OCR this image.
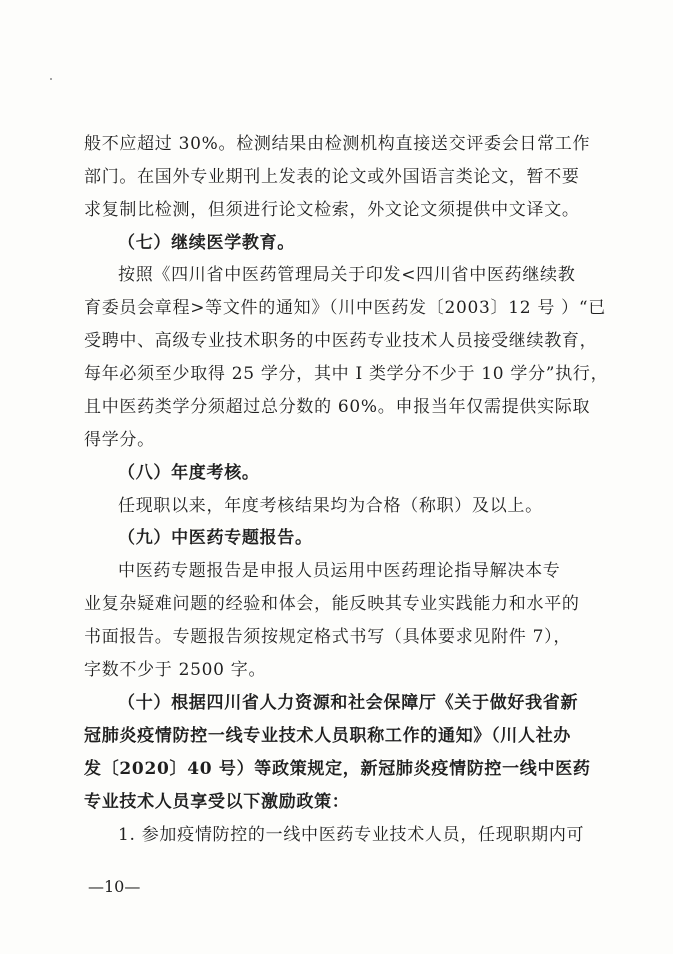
般不应超过 30%。检测结果由检测机构直接送交评委会日常工作
部门。在国外专业期刊上发表的论文或外国语言类论文，暂不要
求复制比检测，但须进行论文检索，外文论文须提供中文译文。
（七）继续医学教育。
按照《四川省中医药管理局关于印发<四川省中医药继续教
育委员会章程>等文件的通知》（川中医药发〔2003〕12 号 ）“已
受聘中、高级专业技术职务的中医药专业技术人员接受继续教育，
每年必须至少取得 25 学分，其中 I 类学分不少于 10 学分”执行，
且中医药类学分须超过总分数的 60%。申报当年仅需提供实际取
得学分。
（八）年度考核。
任现职以来，年度考核结果均为合格（称职）及以上。
（九）中医药专题报告。
中医药专题报告是申报人员运用中医药理论指导解决本专
业复杂疑难问题的经验和体会，能反映其专业实践能力和水平的
书面报告。专题报告须按规定格式书写（具体要求见附件 7），
字数不少于 2500 字。
（十）根据四川省人力资源和社会保障厅《关于做好我省新
冠肺炎疫情防控一线专业技术人员职称工作的通知》（川人社办
发〔2020〕40 号）等政策规定，新冠肺炎疫情防控一线中医药
专业技术人员享受以下激励政策：
1. 参加疫情防控的一线中医药专业技术人员，任现职期内可
—10—
